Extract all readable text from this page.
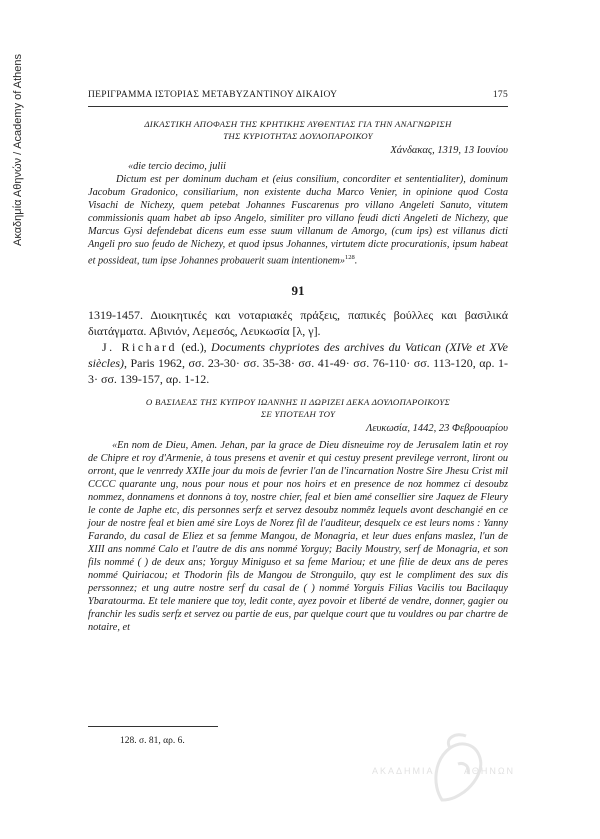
Ακαδημία Αθηνών / Academy of Athens	ΠΕΡΙΓΡΑΜΜΑ ΙΣΤΟΡΙΑΣ ΜΕΤΑΒΥΖΑΝΤΙΝΟΥ ΔΙΚΑΙΟΥ	175
ΔΙΚΑΣΤΙΚΗ ΑΠΟΦΑΣΗ ΤΗΣ ΚΡΗΤΙΚΗΣ ΑΥΘΕΝΤΙΑΣ ΓΙΑ ΤΗΝ ΑΝΑΓΝΩΡΙΣΗ
ΤΗΣ ΚΥΡΙΟΤΗΤΑΣ ΔΟΥΛΟΠΑΡΟΙΚΟΥ
Χάνδακας, 1319, 13 Ιουνίου

«die tercio decimo, julii

Dictum est per dominum ducham et (eius consilium, concorditer et sententialiter), dominum Jacobum Gradonico, consiliarium, non existente ducha Marco Venier, in opinione quod Costa Visachi de Nichezy, quem petebat Johannes Fuscarenus pro villano Angeleti Sanuto, vitutem commissionis quam habet ab ipso Angelo, similiter pro villano feudi dicti Angeleti de Nichezy, que Marcus Gysi defendebat dicens eum esse suum villanum de Amorgo, (cum ips) est villanus dicti Angeli pro suo feudo de Nichezy, et quod ipsus Johannes, virtutem dicte procurationis, ipsum habeat et possideat, tum ipse Johannes probauerit suam intentionem»$^{128}$.

91

1319-1457. Διοικητικές και νοταριακές πράξεις, παπικές βούλλες και βασιλικά διατάγματα. Αβινιόν, Λεμεσός, Λευκωσία [λ, γ].

J. Richard (ed.), Documents chypriotes des archives du Vatican (XIVe et XVe siècles), Paris 1962, σσ. 23-30· σσ. 35-38· σσ. 41-49· σσ. 76-110· σσ. 113-120, αρ. 1-3· σσ. 139-157, αρ. 1-12.

Ο ΒΑΣΙΛΕΑΣ ΤΗΣ ΚΥΠΡΟΥ ΙΩΑΝΝΗΣ ΙΙ ΔΩΡΙΖΕΙ ΔΕΚΑ ΔΟΥΛΟΠΑΡΟΙΚΟΥΣ
ΣΕ ΥΠΟΤΕΛΗ ΤΟΥ
Λευκωσία, 1442, 23 Φεβρουαρίου

«En nom de Dieu, Amen. Jehan, par la grace de Dieu disneuime roy de Jerusalem latin et roy de Chipre et roy d'Armenie, à tous presens et avenir et qui cestuy present previlege verront, liront ou orront, que le venrredy XXIIe jour du mois de fevrier l'an de l'incarnation Nostre Sire Jhesu Crist mil CCCC quarante ung, nous pour nous et pour nos hoirs et en presence de noz hommez ci desoubz nommez, donnamens et donnons à toy, nostre chier, feal et bien amé consellier sire Jaquez de Fleury le conte de Japhe etc, dis personnes serfz et servez desoubz nommêz lequels avont deschangié en ce jour de nostre feal et bien amé sire Loys de Norez fil de l'auditeur, desquelx ce est leurs noms : Yanny Farando, du casal de Eliez et sa femme Mangou, de Monagria, et leur dues enfans maslez, l'un de XIII ans nommé Calo et l'autre de dis ans nommé Yorguy; Bacily Moustry, serf de Monagria, et son fils nommé ( ) de deux ans; Yorguy Miniguso et sa feme Mariou; et une filie de deux ans de peres nommé Quiriacou; et Thodorin fils de Mangou de Stronguilo, quy est le compliment des sux dis perssonnez; et ung autre nostre serf du casal de ( ) nommé Yorguis Filias Vacilis tou Bacilaquy Ybaratourma. Et tele maniere que toy, ledit conte, ayez povoir et liberté de vendre, donner, gagier ou franchir les sudis serfz et servez ou partie de eus, par quelque court que tu vouldres ou par chartre de notaire, et

128. σ. 81, αρ. 6.
ΑΚΑΔΗΜΙΑ	ΑΘΗΝΩΝ
